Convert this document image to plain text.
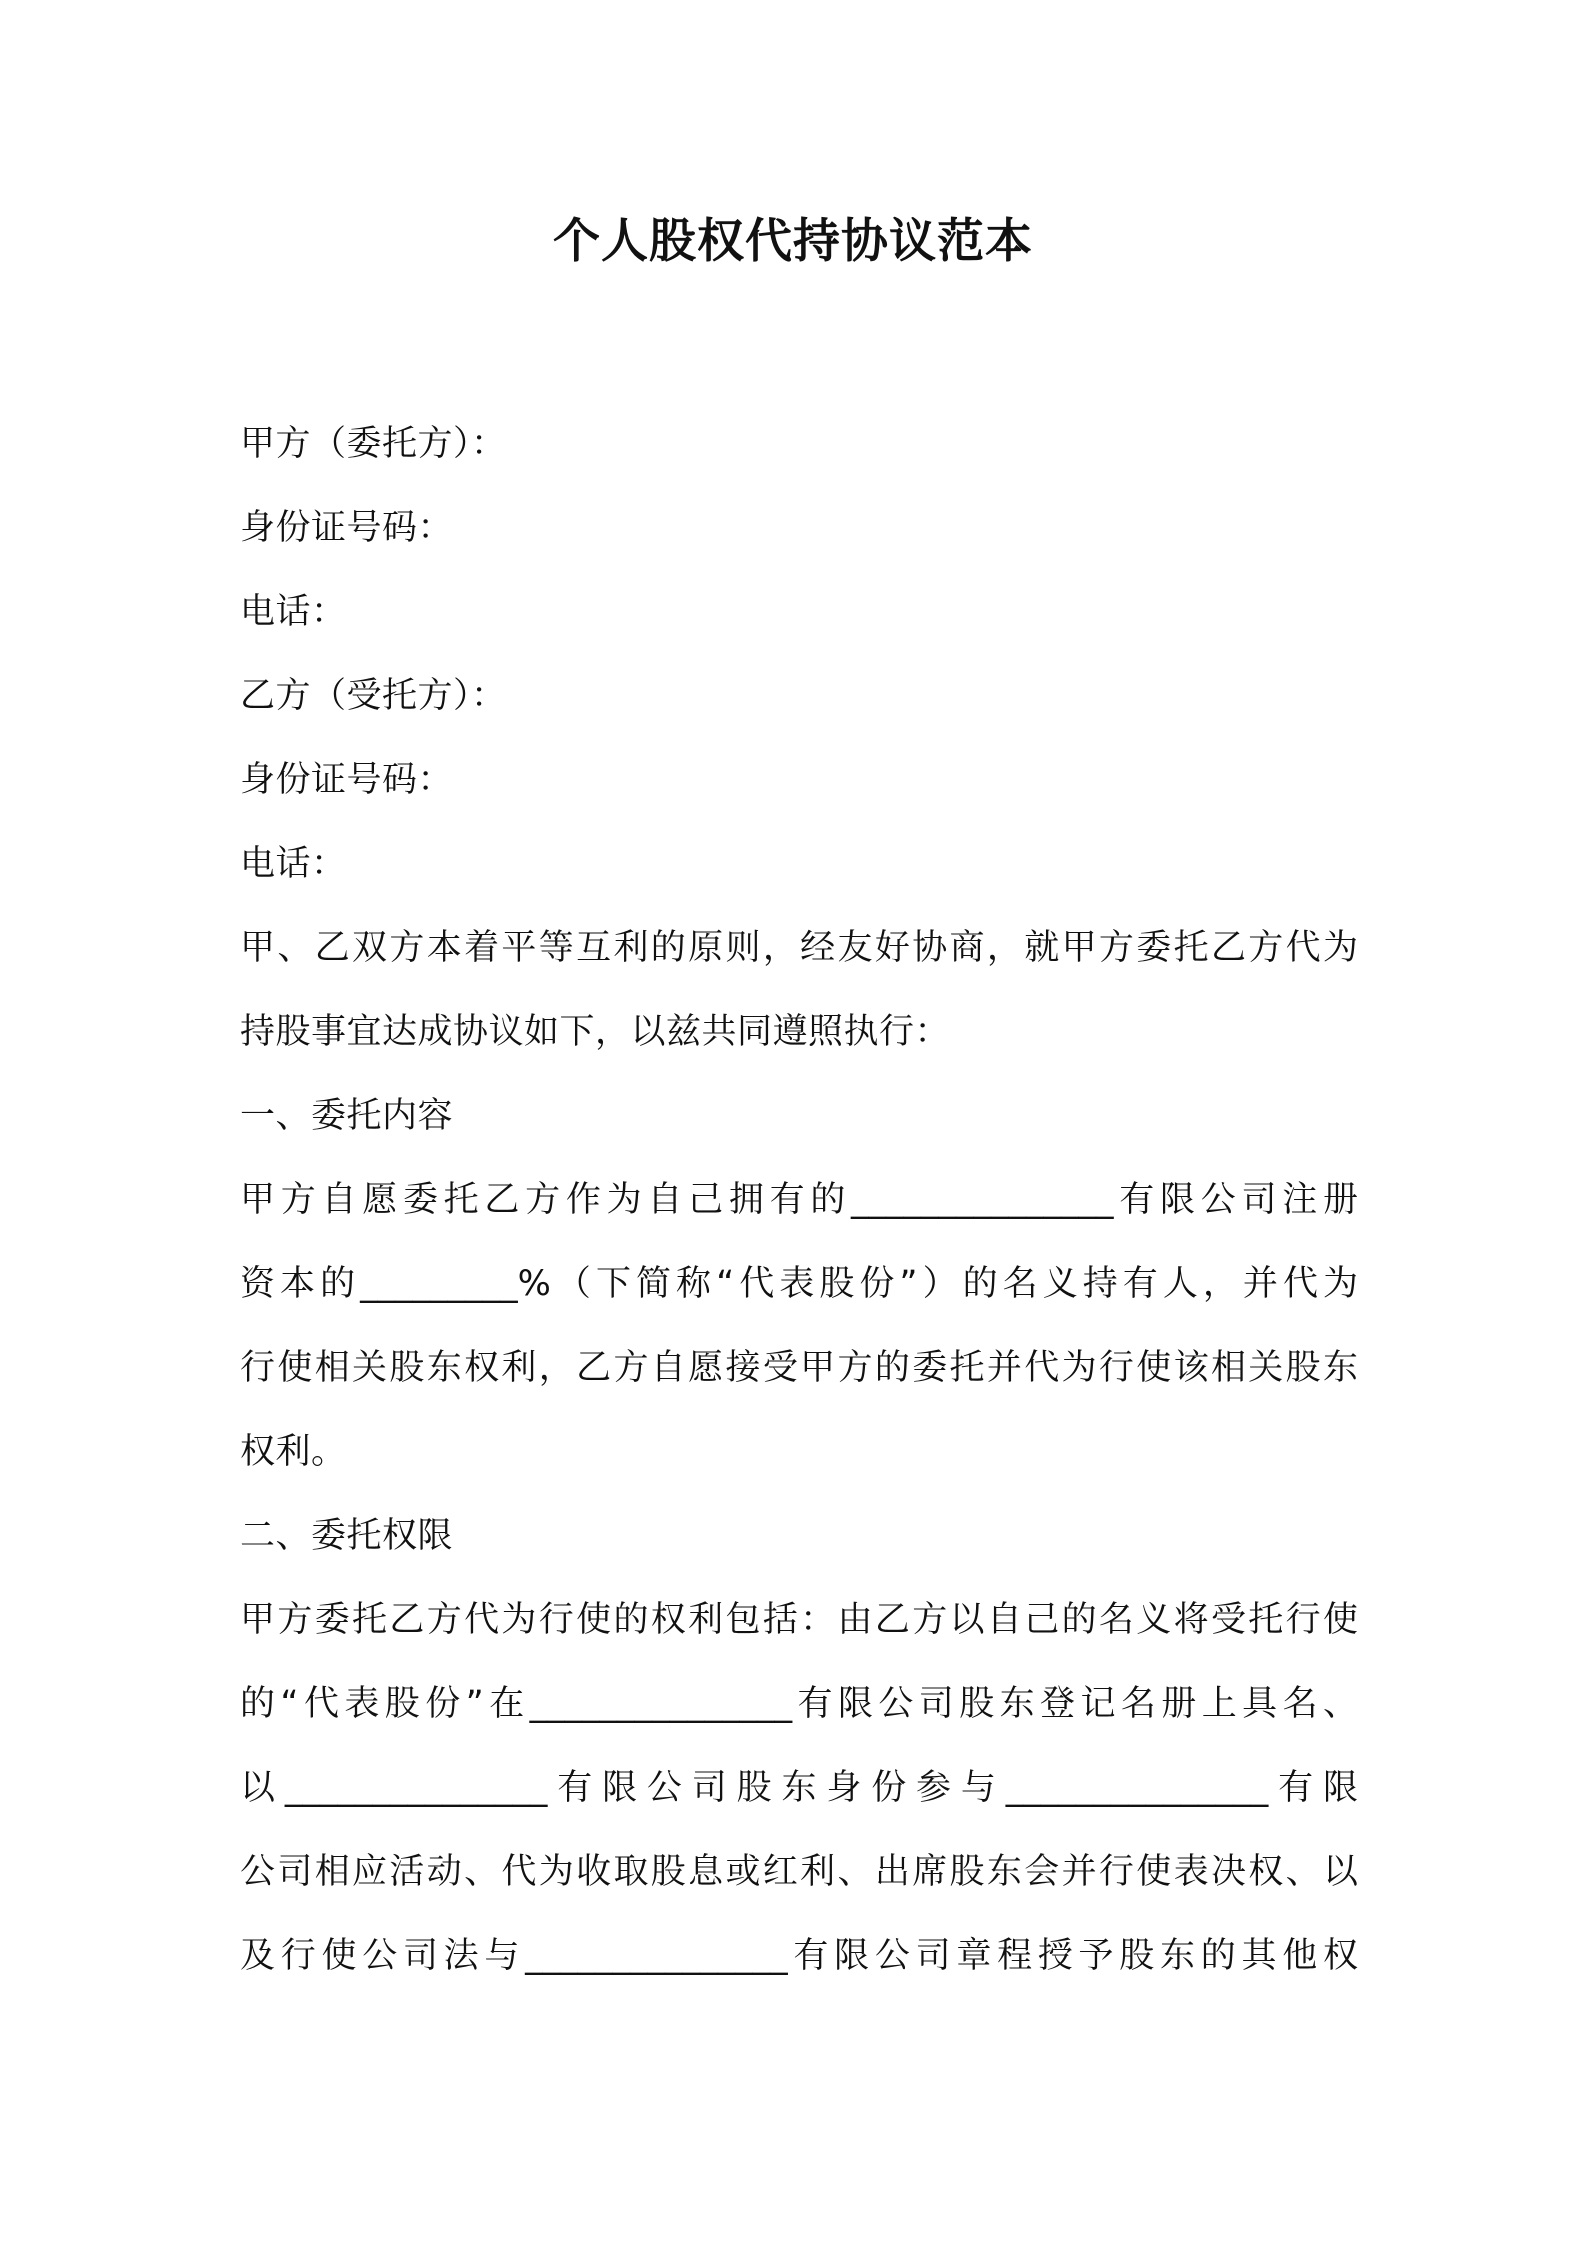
个人股权代持协议范本
甲方（委托方）：
身份证号码：
电话：
乙方（受托方）：
身份证号码：
电话：
甲、乙双方本着平等互利的原则，经友好协商，就甲方委托乙方代为
持股事宜达成协议如下，以兹共同遵照执行：
一、委托内容
甲方自愿委托乙方作为自己拥有的_______________有限公司注册
资本的_________%（下简称“代表股份”）的名义持有人，并代为
行使相关股东权利，乙方自愿接受甲方的委托并代为行使该相关股东
权利。
二、委托权限
甲方委托乙方代为行使的权利包括：由乙方以自己的名义将受托行使
的“代表股份”在_______________有限公司股东登记名册上具名、
以_______________有限公司股东身份参与_______________有限
公司相应活动、代为收取股息或红利、出席股东会并行使表决权、以
及行使公司法与_______________有限公司章程授予股东的其他权
